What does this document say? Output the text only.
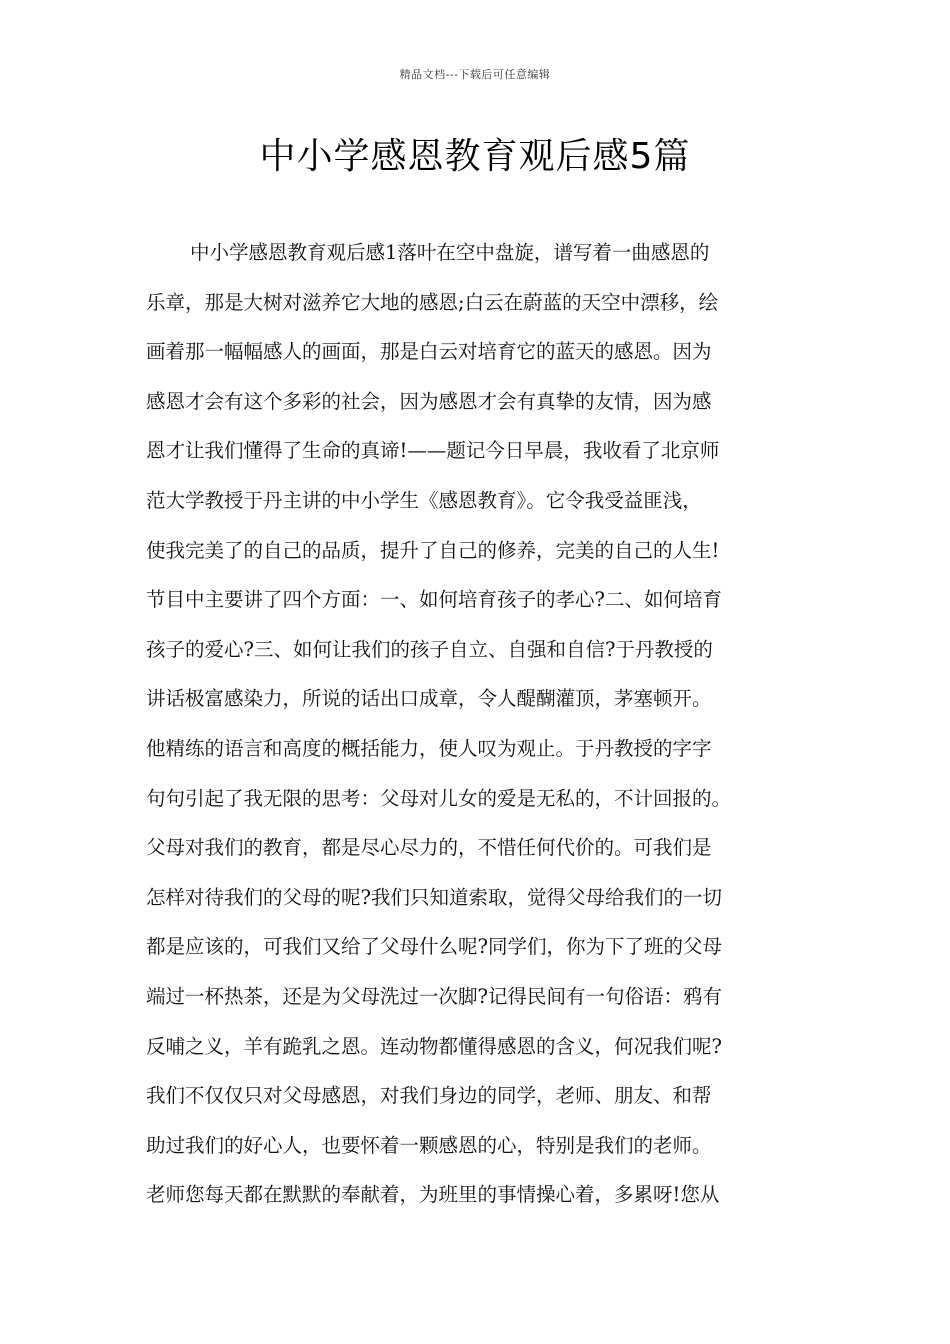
精品文档---下载后可任意编辑
中小学感恩教育观后感5篇
中小学感恩教育观后感1落叶在空中盘旋，谱写着一曲感恩的
乐章，那是大树对滋养它大地的感恩;白云在蔚蓝的天空中漂移，绘
画着那一幅幅感人的画面，那是白云对培育它的蓝天的感恩。因为
感恩才会有这个多彩的社会，因为感恩才会有真挚的友情，因为感
恩才让我们懂得了生命的真谛!——题记今日早晨，我收看了北京师
范大学教授于丹主讲的中小学生《感恩教育》。它令我受益匪浅，
使我完美了的自己的品质，提升了自己的修养，完美的自己的人生!
节目中主要讲了四个方面：一、如何培育孩子的孝心?二、如何培育
孩子的爱心?三、如何让我们的孩子自立、自强和自信?于丹教授的
讲话极富感染力，所说的话出口成章，令人醍醐灌顶，茅塞顿开。
他精练的语言和高度的概括能力，使人叹为观止。于丹教授的字字
句句引起了我无限的思考：父母对儿女的爱是无私的，不计回报的。
父母对我们的教育，都是尽心尽力的，不惜任何代价的。可我们是
怎样对待我们的父母的呢?我们只知道索取，觉得父母给我们的一切
都是应该的，可我们又给了父母什么呢?同学们，你为下了班的父母
端过一杯热茶，还是为父母洗过一次脚?记得民间有一句俗语：鸦有
反哺之义，羊有跪乳之恩。连动物都懂得感恩的含义，何况我们呢?
我们不仅仅只对父母感恩，对我们身边的同学，老师、朋友、和帮
助过我们的好心人，也要怀着一颗感恩的心，特别是我们的老师。
老师您每天都在默默的奉献着，为班里的事情操心着，多累呀!您从
